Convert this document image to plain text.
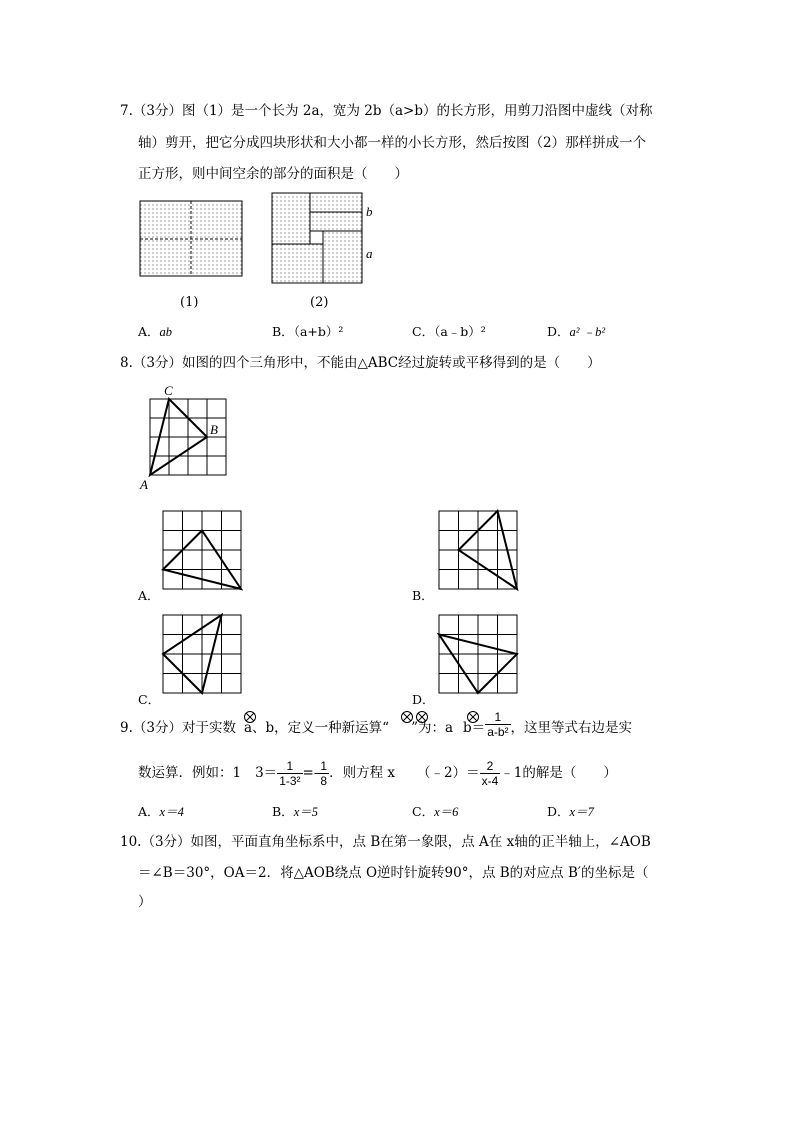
7.（3分）图（1）是一个长为 2a，宽为 2b（a>b）的长方形，用剪刀沿图中虚线（对称
轴）剪开，把它分成四块形状和大小都一样的小长方形，然后按图（2）那样拼成一个
正方形，则中间空余的部分的面积是（　　）
b
a
(1)	(2)
A．ab	B．（a+b）²	C．（a﹣b）²	D．a² ﹣b²
8.（3分）如图的四个三角形中，不能由△ABC经过旋转或平移得到的是（　　）
C
B
A
A．	B．
C．	D．
9.（3分）对于实数 a、b，定义一种新运算“ ”为：a $b= \frac{1}{\text{a-b²}}$ ，这里等式右边是实
数运算．例如：1 $3= \frac{1}{\text{1-3²}} =- \frac{1}{8}$ ．则方程 x （﹣2）＝ $\frac{2}{x-4}$ ﹣1的解是（　　）
A．x＝4	B．x＝5	C．x＝6	D．x＝7
10.（3分）如图，平面直角坐标系中，点 B在第一象限，点 A在 x轴的正半轴上，∠AOB
＝∠B＝30°，OA＝2．将△AOB绕点 O逆时针旋转90°，点 B的对应点 B′的坐标是（
）
